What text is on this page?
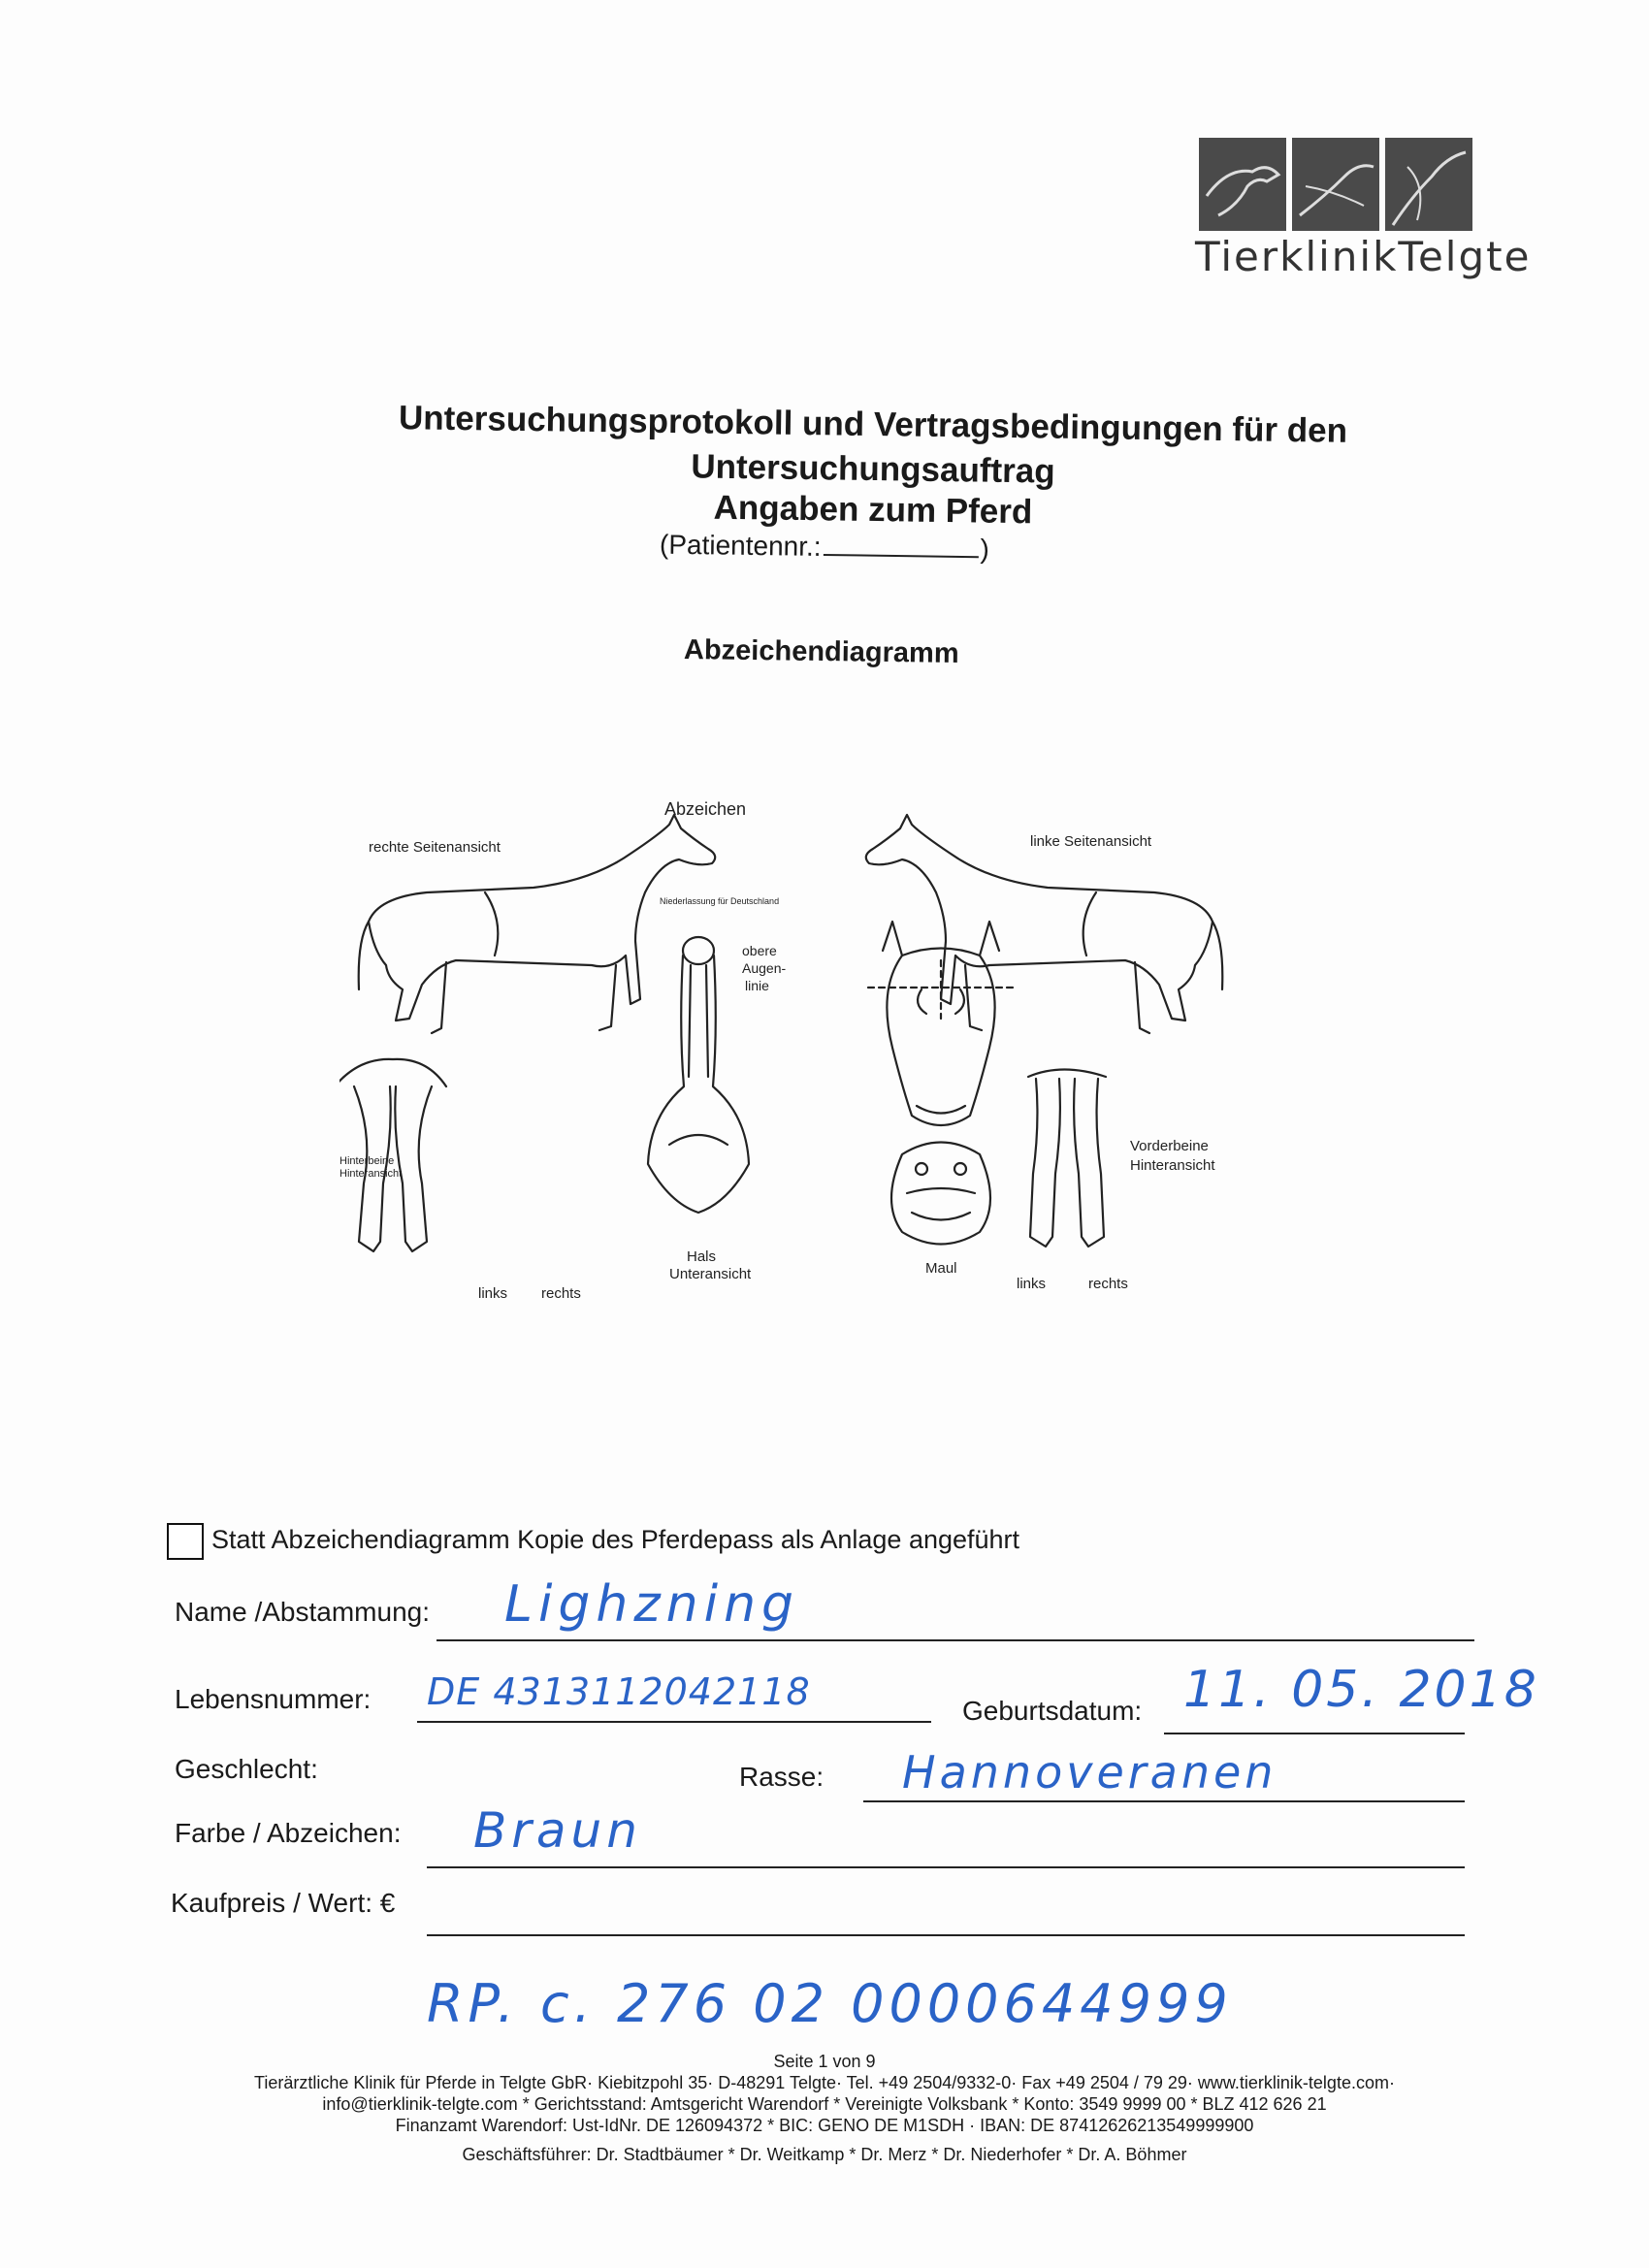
TierklinikTelgte
Untersuchungsprotokoll und Vertragsbedingungen für den
Untersuchungsauftrag
Angaben zum Pferd
(Patientennr.:	)
Abzeichendiagramm
Abzeichen
rechte Seitenansicht	linke Seitenansicht
Niederlassung für Deutschland
obere
Augen-
linie
Hinterbeine
Hinteransicht
Vorderbeine
Hinteransicht
Hals
Unteransicht	Maul
links rechts
links	rechts
Statt Abzeichendiagramm Kopie des Pferdepass als Anlage angeführt
Name /Abstammung: Lighzning
Lebensnummer: DE 4313112042118	Geburtsdatum: 11. 05. 2018
Geschlecht:	Rasse: Hannoveranen
Farbe / Abzeichen: Braun
Kaufpreis / Wert: €
RP. c. 276 02 0000644999
Seite 1 von 9
Tierärztliche Klinik für Pferde in Telgte GbR· Kiebitzpohl 35· D-48291 Telgte· Tel. +49 2504/9332-0· Fax +49 2504 / 79 29· www.tierklinik-telgte.com·
info@tierklinik-telgte.com * Gerichtsstand: Amtsgericht Warendorf * Vereinigte Volksbank * Konto: 3549 9999 00 * BLZ 412 626 21
Finanzamt Warendorf: Ust-IdNr. DE 126094372 * BIC: GENO DE M1SDH · IBAN: DE 87412626213549999900
Geschäftsführer: Dr. Stadtbäumer * Dr. Weitkamp * Dr. Merz * Dr. Niederhofer * Dr. A. Böhmer
